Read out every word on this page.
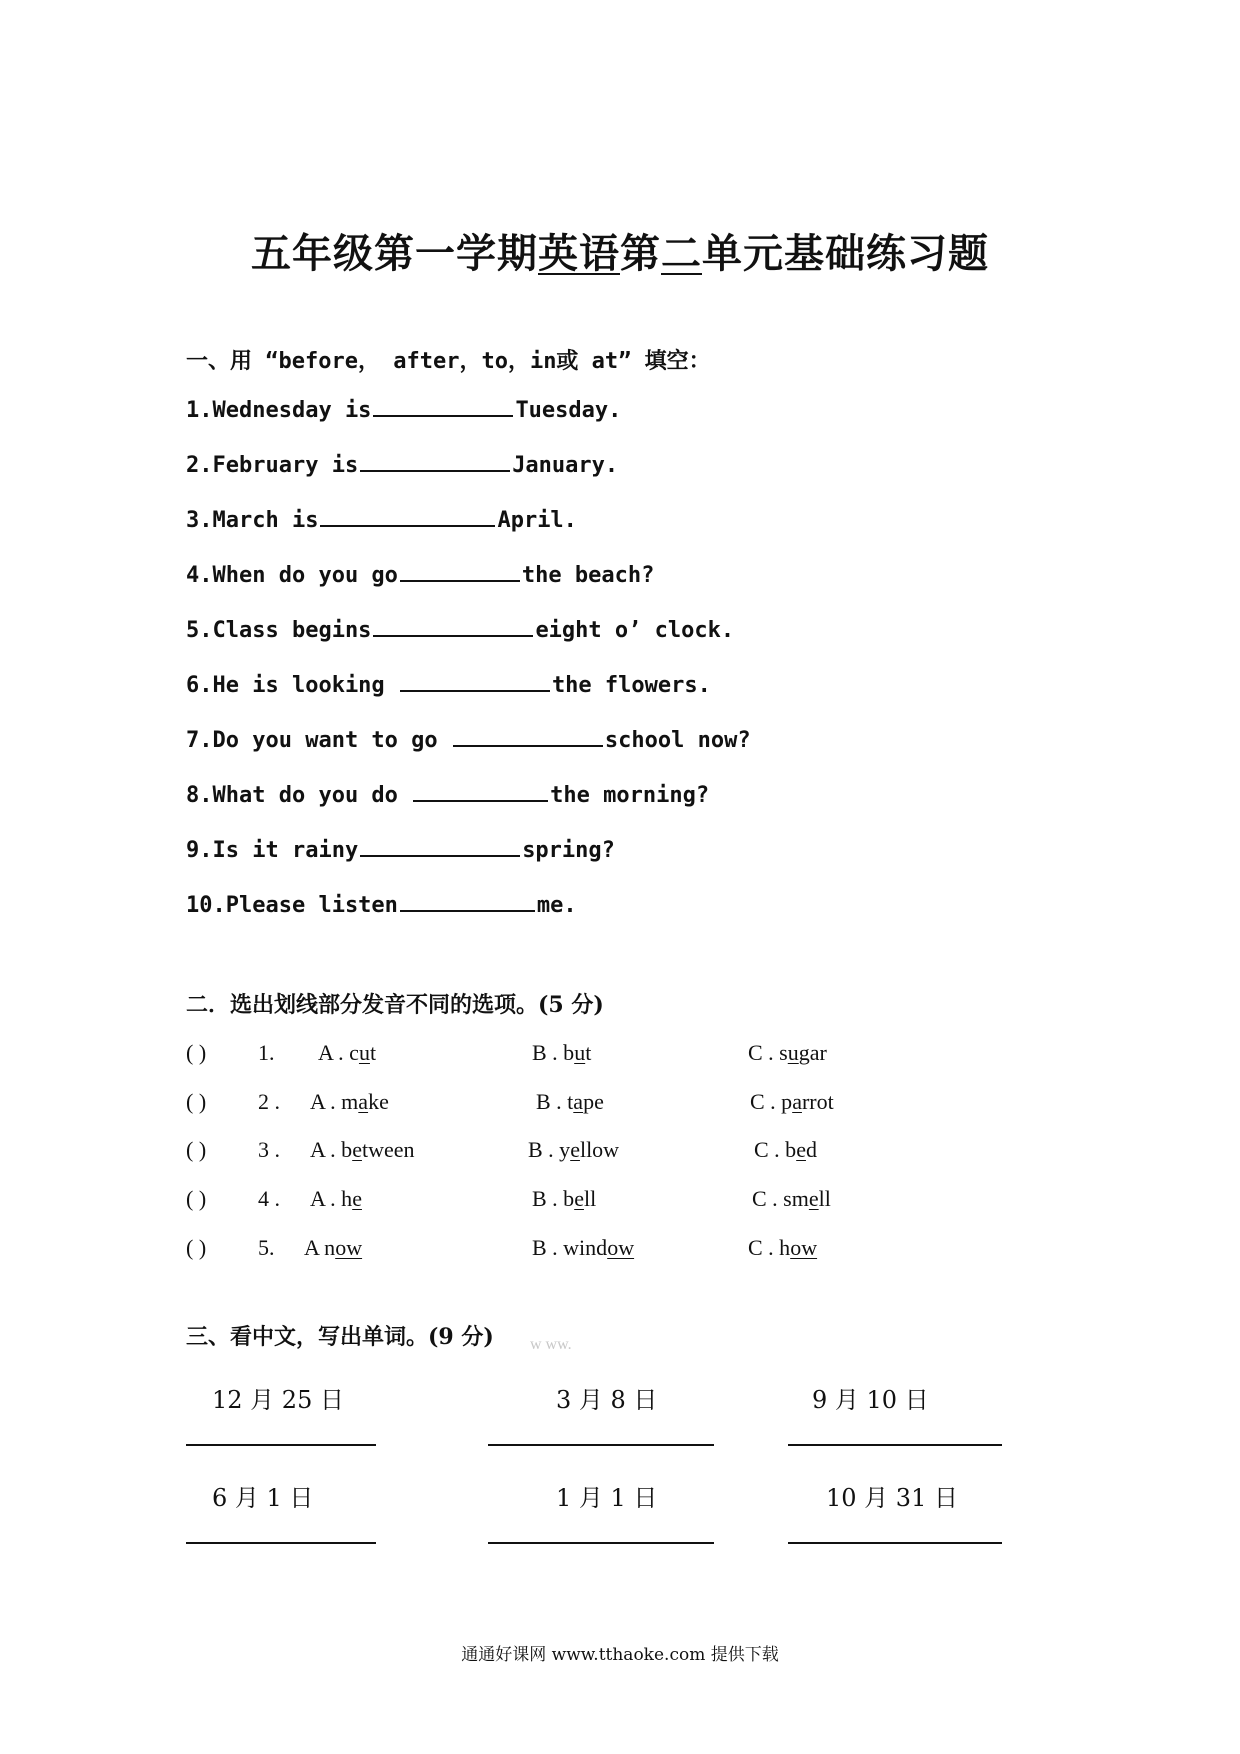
五年级第一学期英语第二单元基础练习题
一、用 “before， after，to，in或 at” 填空：
1.Wednesday is	Tuesday.
2.February is	January.
3.March is	April.
4.When do you go	the beach?
5.Class begins	eight o’ clock.
6.He is looking	the flowers.
7.Do you want to go	school now?
8.What do you do	the morning?
9.Is it rainy	spring?
10.Please listen	me.
二．选出划线部分发音不同的选项。(5 分)
( ) 1. A . cut	B . but	C . sugar
( ) 2 . A . make	B . tape	C . parrot
( ) 3 . A . between	B . yellow	C . bed
( ) 4 . A . he	B . bell	C . smell
( ) 5. A now	B . window	C . how
三、看中文，写出单词。(9 分) w ww.
12 月 25 日	3 月 8 日	9 月 10 日
6 月 1 日	1 月 1 日	10 月 31 日
通通好课网 www.tthaoke.com 提供下载
